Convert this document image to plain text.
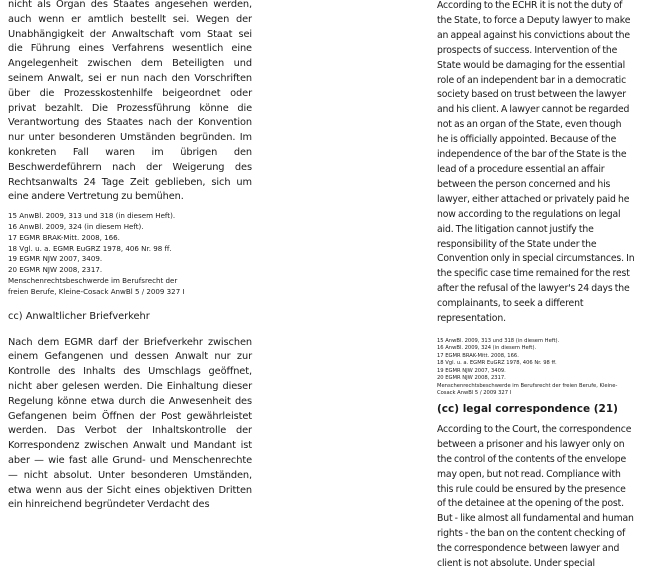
nicht als Organ des Staates angesehen werden, auch wenn er amtlich bestellt sei. Wegen der Unabhängigkeit der Anwaltschaft vom Staat sei die Führung eines Verfahrens wesentlich eine Angelegenheit zwischen dem Beteiligten und seinem Anwalt, sei er nun nach den Vorschriften über die Prozesskostenhilfe beigeordnet oder privat bezahlt. Die Prozessführung könne die Verantwortung des Staates nach der Konvention nur unter besonderen Umständen begründen. Im konkreten Fall waren im übrigen den Beschwerdeführern nach der Weigerung des Rechtsanwalts 24 Tage Zeit geblieben, sich um eine andere Vertretung zu bemühen.

15 AnwBl. 2009, 313 und 318 (in diesem Heft).
16 AnwBl. 2009, 324 (in diesem Heft).
17 EGMR BRAK-Mitt. 2008, 166.
18 Vgl. u. a. EGMR EuGRZ 1978, 406 Nr. 98 ff.
19 EGMR NJW 2007, 3409.
20 EGMR NJW 2008, 2317.
Menschenrechtsbeschwerde im Berufsrecht der
freien Berufe, Kleine-Cosack AnwBl 5 / 2009 327 I
cc) Anwaltlicher Briefverkehr

Nach dem EGMR darf der Briefverkehr zwischen einem Gefangenen und dessen Anwalt nur zur Kontrolle des Inhalts des Umschlags geöffnet, nicht aber gelesen werden. Die Einhaltung dieser Regelung könne etwa durch die Anwesenheit des Gefangenen beim Öffnen der Post gewährleistet werden. Das Verbot der Inhaltskontrolle der Korrespondenz zwischen Anwalt und Mandant ist aber — wie fast alle Grund- und Menschenrechte — nicht absolut. Unter besonderen Umständen, etwa wenn aus der Sicht eines objektiven Dritten ein hinreichend begründeter Verdacht des

According to the ECHR it is not the duty of
the State, to force a Deputy lawyer to make
an appeal against his convictions about the
prospects of success. Intervention of the
State would be damaging for the essential
role of an independent bar in a democratic
society based on trust between the lawyer
and his client. A lawyer cannot be regarded
not as an organ of the State, even though
he is officially appointed. Because of the
independence of the bar of the State is the
lead of a procedure essential an affair
between the person concerned and his
lawyer, either attached or privately paid he
now according to the regulations on legal
aid. The litigation cannot justify the
responsibility of the State under the
Convention only in special circumstances. In
the specific case time remained for the rest
after the refusal of the lawyer's 24 days the
complainants, to seek a different
representation.
15 AnwBl. 2009, 313 und 318 (in diesem Heft).
16 AnwBl. 2009, 324 (in diesem Heft).
17 EGMR BRAK-Mitt. 2008, 166.
18 Vgl. u. a. EGMR EuGRZ 1978, 406 Nr. 98 ff.
19 EGMR NJW 2007, 3409.
20 EGMR NJW 2008, 2317.
Menschenrechtsbeschwerde im Berufsrecht der freien Berufe, Kleine-
Cosack AnwBl 5 / 2009 327 I
(cc) legal correspondence (21)
According to the Court, the correspondence
between a prisoner and his lawyer only on
the control of the contents of the envelope
may open, but not read. Compliance with
this rule could be ensured by the presence
of the detainee at the opening of the post.
But - like almost all fundamental and human
rights - the ban on the content checking of
the correspondence between lawyer and
client is not absolute. Under special
